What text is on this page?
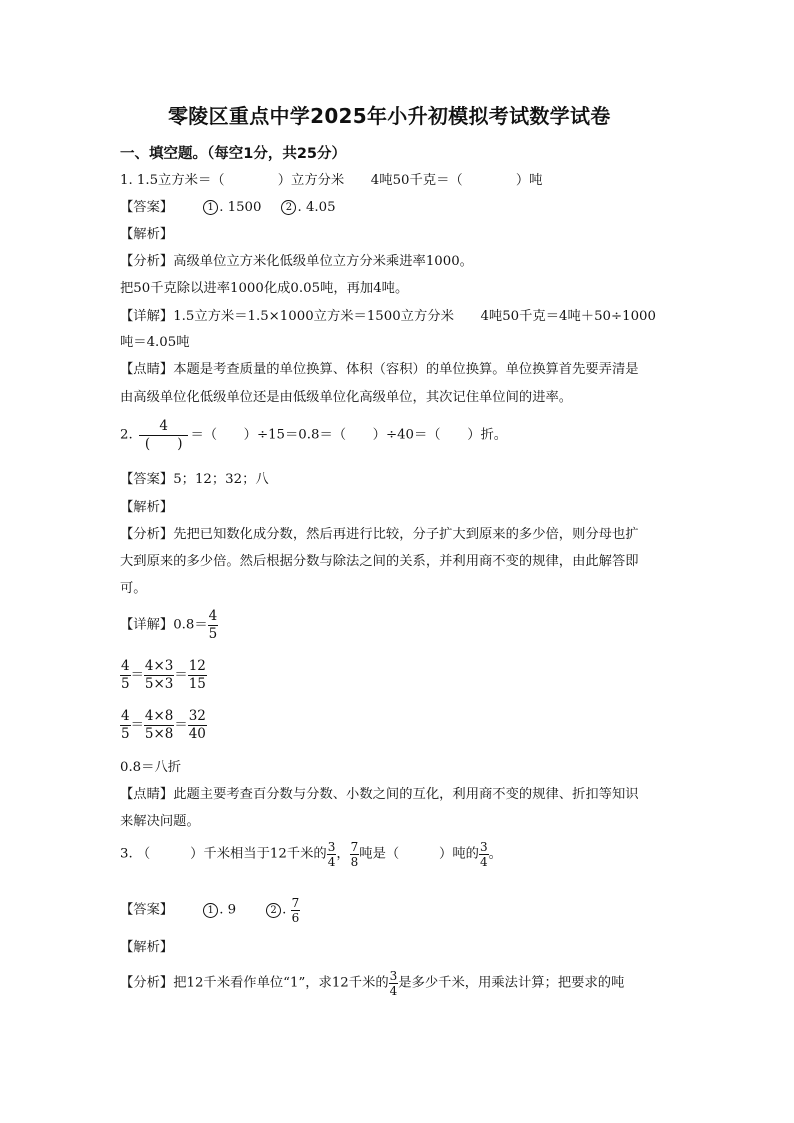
零陵区重点中学2025年小升初模拟考试数学试卷
一、填空题。（每空1分，共25分）
1. 1.5立方米＝（　　　　）立方分米　　4吨50千克＝（　　　　）吨
【答案】	1 . 1500 2 . 4.05
【解析】
【分析】高级单位立方米化低级单位立方分米乘进率1000。
把50千克除以进率1000化成0.05吨，再加4吨。
【详解】1.5立方米＝1.5×1000立方米＝1500立方分米　　4吨50千克＝4吨＋50÷1000
吨＝4.05吨
【点睛】本题是考查质量的单位换算、体积（容积）的单位换算。单位换算首先要弄清是
由高级单位化低级单位还是由低级单位化高级单位，其次记住单位间的进率。
2. $\frac{4}{( )}$ ＝（　　）÷15＝0.8＝（　　）÷40＝（　　）折。
【答案】5；12；32；八
【解析】
【分析】先把已知数化成分数，然后再进行比较，分子扩大到原来的多少倍，则分母也扩
大到原来的多少倍。然后根据分数与除法之间的关系，并利用商不变的规律，由此解答即
可。
【详解】$0.8= \frac{4}{5}$
$\frac{4}{5} = \frac{4\times 3}{5\times 3} = \frac{12}{15}$
$\frac{4}{5} = \frac{4\times 8}{5\times 8} = \frac{32}{40}$
0.8＝八折
【点睛】此题主要考查百分数与分数、小数之间的互化，利用商不变的规律、折扣等知识
来解决问题。
3. （　　　）千米相当于12千米的 $\frac{3}{4}$ ， $\frac{7}{8}$ 吨是（　　　）吨的 $\frac{3}{4}$ 。
【答案】	1 . 9	2 . $\frac{7}{6}$
【解析】
【分析】把12千米看作单位“1”，求12千米的 $\frac{3}{4}$ 是多少千米，用乘法计算；把要求的吨
